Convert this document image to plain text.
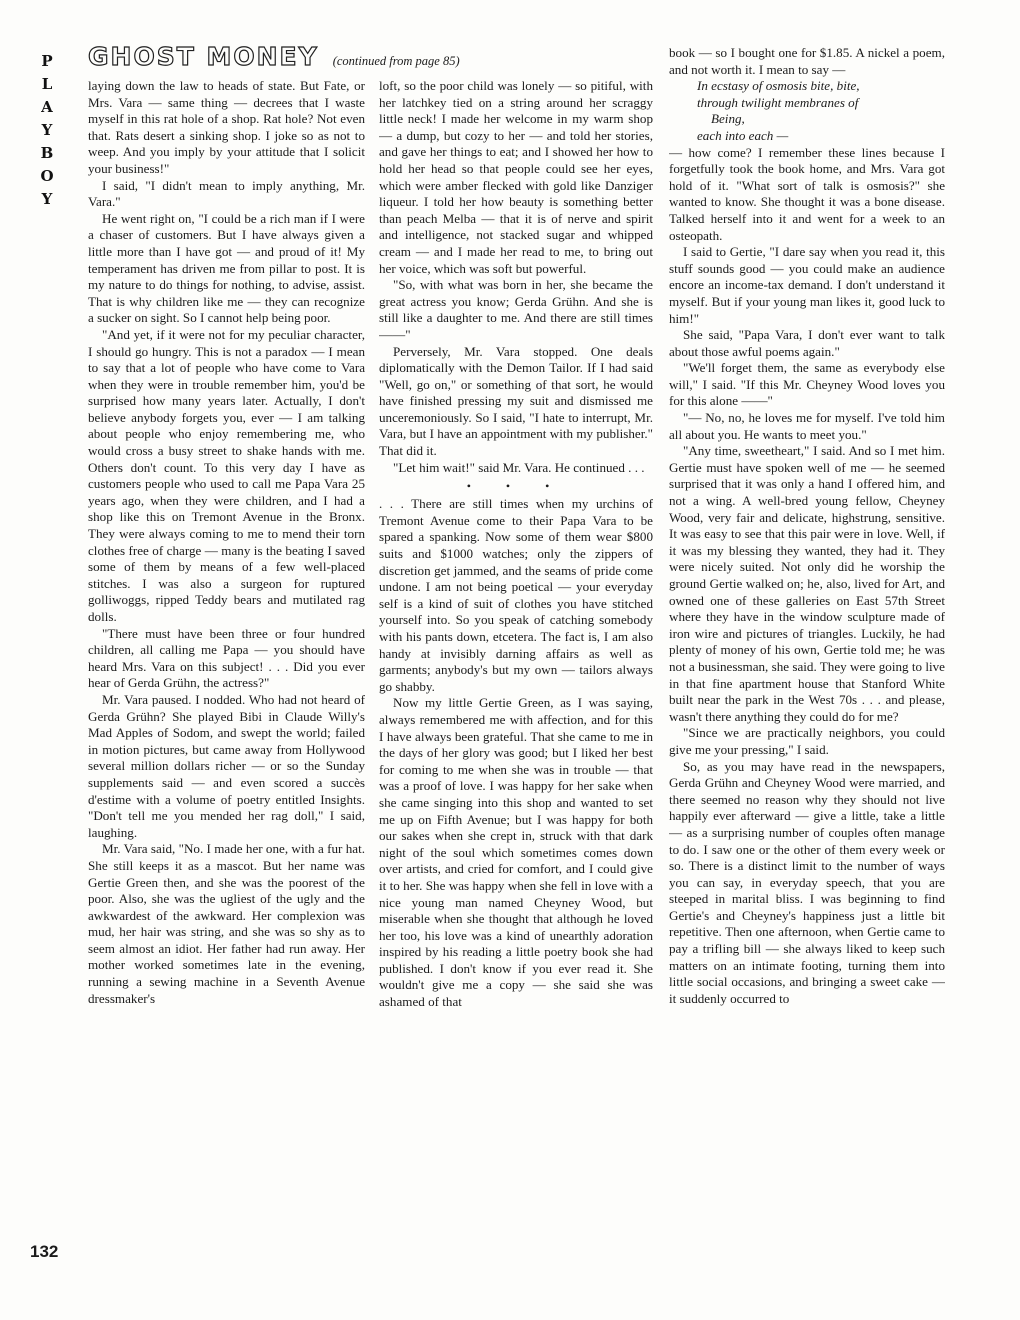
P
L
A
Y
B
O
Y
132
GHOST MONEY (continued from page 85)

laying down the law to heads of state. But Fate, or Mrs. Vara — same thing — decrees that I waste myself in this rat hole of a shop. Rat hole? Not even that. Rats desert a sinking shop. I joke so as not to weep. And you imply by your attitude that I solicit your business!"

I said, "I didn't mean to imply anything, Mr. Vara."

He went right on, "I could be a rich man if I were a chaser of customers. But I have always given a little more than I have got — and proud of it! My temperament has driven me from pillar to post. It is my nature to do things for nothing, to advise, assist. That is why children like me — they can recognize a sucker on sight. So I cannot help being poor.

"And yet, if it were not for my peculiar character, I should go hungry. This is not a paradox — I mean to say that a lot of people who have come to Vara when they were in trouble remember him, you'd be surprised how many years later. Actually, I don't believe anybody forgets you, ever — I am talking about people who enjoy remembering me, who would cross a busy street to shake hands with me. Others don't count. To this very day I have as customers people who used to call me Papa Vara 25 years ago, when they were children, and I had a shop like this on Tremont Avenue in the Bronx. They were always coming to me to mend their torn clothes free of charge — many is the beating I saved some of them by means of a few well-placed stitches. I was also a surgeon for ruptured golliwoggs, ripped Teddy bears and mutilated rag dolls.

"There must have been three or four hundred children, all calling me Papa — you should have heard Mrs. Vara on this subject! . . . Did you ever hear of Gerda Grühn, the actress?"

Mr. Vara paused. I nodded. Who had not heard of Gerda Grühn? She played Bibi in Claude Willy's Mad Apples of Sodom, and swept the world; failed in motion pictures, but came away from Hollywood several million dollars richer — or so the Sunday supplements said — and even scored a succès d'estime with a volume of poetry entitled Insights. "Don't tell me you mended her rag doll," I said, laughing.

Mr. Vara said, "No. I made her one, with a fur hat. She still keeps it as a mascot. But her name was Gertie Green then, and she was the poorest of the poor. Also, she was the ugliest of the ugly and the awkwardest of the awkward. Her complexion was mud, her hair was string, and she was so shy as to seem almost an idiot. Her father had run away. Her mother worked sometimes late in the evening, running a sewing machine in a Seventh Avenue dressmaker's

loft, so the poor child was lonely — so pitiful, with her latchkey tied on a string around her scraggy little neck! I made her welcome in my warm shop — a dump, but cozy to her — and told her stories, and gave her things to eat; and I showed her how to hold her head so that people could see her eyes, which were amber flecked with gold like Danziger liqueur. I told her how beauty is something better than peach Melba — that it is of nerve and spirit and intelligence, not stacked sugar and whipped cream — and I made her read to me, to bring out her voice, which was soft but powerful.

"So, with what was born in her, she became the great actress you know; Gerda Grühn. And she is still like a daughter to me. And there are still times ——"

Perversely, Mr. Vara stopped. One deals diplomatically with the Demon Tailor. If I had said "Well, go on," or something of that sort, he would have finished pressing my suit and dismissed me unceremoniously. So I said, "I hate to interrupt, Mr. Vara, but I have an appointment with my publisher." That did it.

"Let him wait!" said Mr. Vara. He continued . . .

• • •

. . . There are still times when my urchins of Tremont Avenue come to their Papa Vara to be spared a spanking. Now some of them wear $800 suits and $1000 watches; only the zippers of discretion get jammed, and the seams of pride come undone. I am not being poetical — your everyday self is a kind of suit of clothes you have stitched yourself into. So you speak of catching somebody with his pants down, etcetera. The fact is, I am also handy at invisibly darning affairs as well as garments; anybody's but my own — tailors always go shabby.

Now my little Gertie Green, as I was saying, always remembered me with affection, and for this I have always been grateful. That she came to me in the days of her glory was good; but I liked her best for coming to me when she was in trouble — that was a proof of love. I was happy for her sake when she came singing into this shop and wanted to set me up on Fifth Avenue; but I was happy for both our sakes when she crept in, struck with that dark night of the soul which sometimes comes down over artists, and cried for comfort, and I could give it to her. She was happy when she fell in love with a nice young man named Cheyney Wood, but miserable when she thought that although he loved her too, his love was a kind of unearthly adoration inspired by his reading a little poetry book she had published. I don't know if you ever read it. She wouldn't give me a copy — she said she was ashamed of that

book — so I bought one for $1.85. A nickel a poem, and not worth it. I mean to say —

In ecstasy of osmosis bite, bite,
through twilight membranes of
Being,
each into each —

— how come? I remember these lines because I forgetfully took the book home, and Mrs. Vara got hold of it. "What sort of talk is osmosis?" she wanted to know. She thought it was a bone disease. Talked herself into it and went for a week to an osteopath.

I said to Gertie, "I dare say when you read it, this stuff sounds good — you could make an audience encore an income-tax demand. I don't understand it myself. But if your young man likes it, good luck to him!"

She said, "Papa Vara, I don't ever want to talk about those awful poems again."

"We'll forget them, the same as everybody else will," I said. "If this Mr. Cheyney Wood loves you for this alone ——"

"— No, no, he loves me for myself. I've told him all about you. He wants to meet you."

"Any time, sweetheart," I said. And so I met him. Gertie must have spoken well of me — he seemed surprised that it was only a hand I offered him, and not a wing. A well-bred young fellow, Cheyney Wood, very fair and delicate, highstrung, sensitive. It was easy to see that this pair were in love. Well, if it was my blessing they wanted, they had it. They were nicely suited. Not only did he worship the ground Gertie walked on; he, also, lived for Art, and owned one of these galleries on East 57th Street where they have in the window sculpture made of iron wire and pictures of triangles. Luckily, he had plenty of money of his own, Gertie told me; he was not a businessman, she said. They were going to live in that fine apartment house that Stanford White built near the park in the West 70s . . . and please, wasn't there anything they could do for me?

"Since we are practically neighbors, you could give me your pressing," I said.

So, as you may have read in the newspapers, Gerda Grühn and Cheyney Wood were married, and there seemed no reason why they should not live happily ever afterward — give a little, take a little — as a surprising number of couples often manage to do. I saw one or the other of them every week or so. There is a distinct limit to the number of ways you can say, in everyday speech, that you are steeped in marital bliss. I was beginning to find Gertie's and Cheyney's happiness just a little bit repetitive. Then one afternoon, when Gertie came to pay a trifling bill — she always liked to keep such matters on an intimate footing, turning them into little social occasions, and bringing a sweet cake — it suddenly occurred to
